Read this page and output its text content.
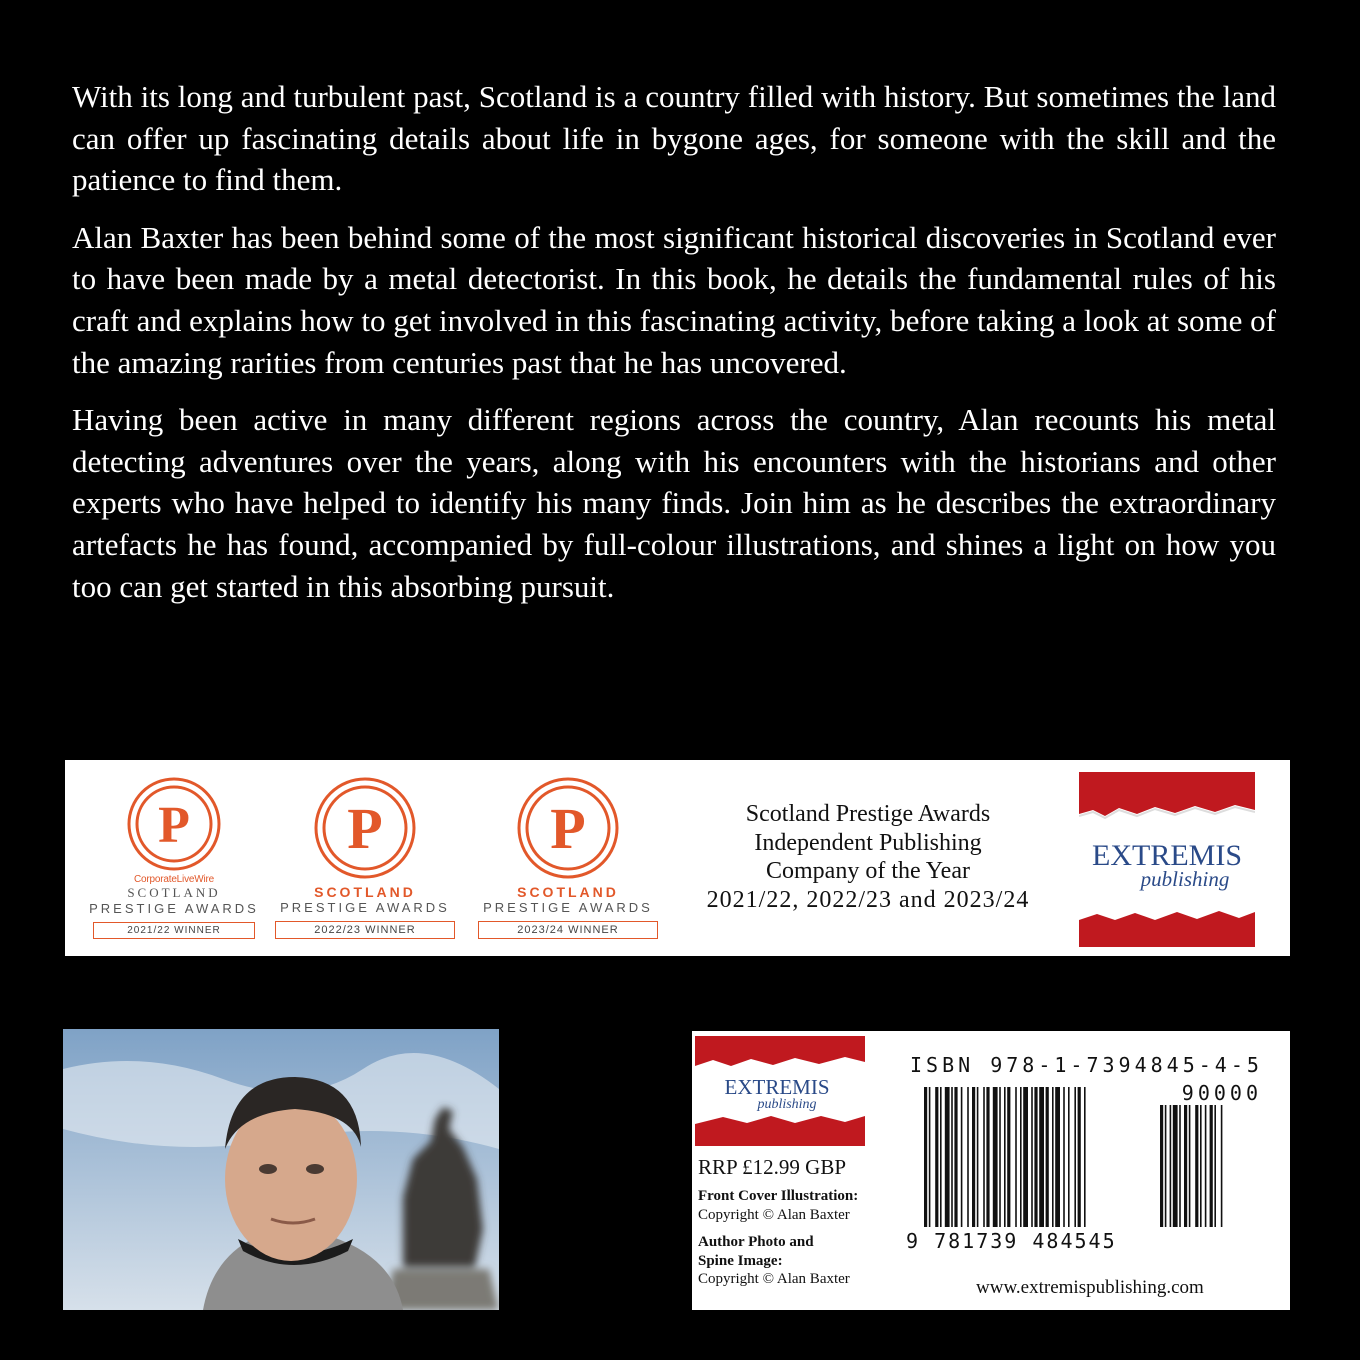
With its long and turbulent past, Scotland is a country filled with history. But sometimes the land can offer up fascinating details about life in bygone ages, for someone with the skill and the patience to find them.

Alan Baxter has been behind some of the most significant historical discoveries in Scotland ever to have been made by a metal detectorist. In this book, he details the fundamental rules of his craft and explains how to get involved in this fascinating activity, before taking a look at some of the amazing rarities from centuries past that he has uncovered.

Having been active in many different regions across the country, Alan recounts his metal detecting adventures over the years, along with his encounters with the historians and other experts who have helped to identify his many finds. Join him as he describes the extraordinary artefacts he has found, accompanied by full-colour illustrations, and shines a light on how you too can get started in this absorbing pursuit.

P
CorporateLiveWire
SCOTLAND
PRESTIGE AWARDS
2021/22 WINNER
P
SCOTLAND
PRESTIGE AWARDS
2022/23 WINNER
P
SCOTLAND
PRESTIGE AWARDS
2023/24 WINNER
Scotland Prestige Awards
Independent Publishing
Company of the Year
2021/22, 2022/23 and 2023/24
EXTREMIS
publishing
EXTREMIS
publishing
RRP £12.99 GBP
Front Cover Illustration:
Copyright © Alan Baxter
Author Photo and
Spine Image:
Copyright © Alan Baxter
ISBN 978-1-7394845-4-5
90000
9 781739 484545
www.extremispublishing.com
